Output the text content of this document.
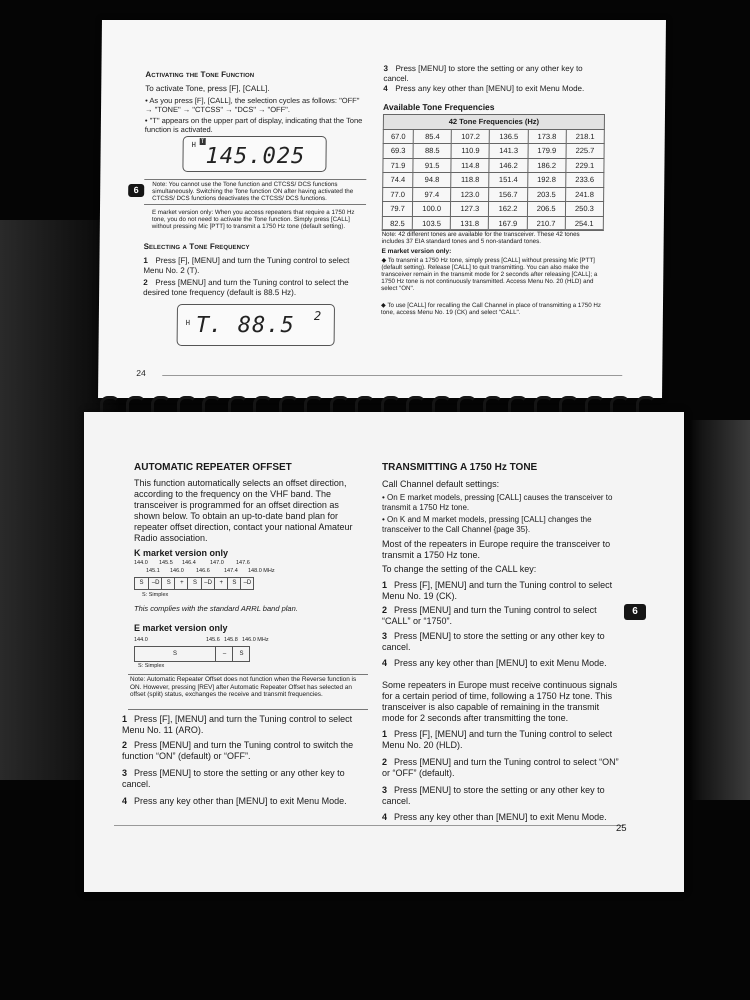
Activating the Tone Function
To activate Tone, press [F], [CALL].
• As you press [F], [CALL], the selection cycles as follows: "OFF" → "TONE" → "CTCSS" → "DCS" → "OFF".
• "T" appears on the upper part of display, indicating that the Tone function is activated.
H T
145.025
6
Note: You cannot use the Tone function and CTCSS/ DCS functions simultaneously. Switching the Tone function ON after having activated the CTCSS/ DCS functions deactivates the CTCSS/ DCS functions.
E market version only: When you access repeaters that require a 1750 Hz tone, you do not need to activate the Tone function. Simply press [CALL] without pressing Mic [PTT] to transmit a 1750 Hz tone (default setting).
Selecting a Tone Frequency
1 Press [F], [MENU] and turn the Tuning control to select Menu No. 2 (T).
2 Press [MENU] and turn the Tuning control to select the desired tone frequency (default is 88.5 Hz).
H T. 88.5 2
3 Press [MENU] to store the setting or any other key to cancel.
4 Press any key other than [MENU] to exit Menu Mode.
Available Tone Frequencies
42 Tone Frequencies (Hz)					
67.0	85.4	107.2	136.5	173.8	218.1
69.3	88.5	110.9	141.3	179.9	225.7
71.9	91.5	114.8	146.2	186.2	229.1
74.4	94.8	118.8	151.4	192.8	233.6
77.0	97.4	123.0	156.7	203.5	241.8
79.7	100.0	127.3	162.2	206.5	250.3
82.5	103.5	131.8	167.9	210.7	254.1
Note: 42 different tones are available for the transceiver. These 42 tones includes 37 EIA standard tones and 5 non-standard tones.
E market version only:
◆ To transmit a 1750 Hz tone, simply press [CALL] without pressing Mic [PTT] (default setting). Release [CALL] to quit transmitting. You can also make the transceiver remain in the transmit mode for 2 seconds after releasing [CALL]; a 1750 Hz tone is not continuously transmitted. Access Menu No. 20 (HLD) and select "ON".
◆ To use [CALL] for recalling the Call Channel in place of transmitting a 1750 Hz tone, access Menu No. 19 (CK) and select "CALL".
24
AUTOMATIC REPEATER OFFSET
This function automatically selects an offset direction, according to the frequency on the VHF band. The transceiver is programmed for an offset direction as shown below. To obtain an up-to-date band plan for repeater offset direction, contact your national Amateur Radio association.
K market version only
144.0 145.5 146.4	147.0 147.6
145.1 146.0 146.6	147.4 148.0 MHz
S	–D	S	+	S	–D	+	S	–D
S: Simplex
This complies with the standard ARRL band plan.
E market version only
144.0	145.6 145.8 146.0 MHz
S	–	S
S: Simplex
Note: Automatic Repeater Offset does not function when the Reverse function is ON. However, pressing [REV] after Automatic Repeater Offset has selected an offset (split) status, exchanges the receive and transmit frequencies.
1 Press [F], [MENU] and turn the Tuning control to select Menu No. 11 (ARO).
2 Press [MENU] and turn the Tuning control to switch the function “ON” (default) or “OFF”.
3 Press [MENU] to store the setting or any other key to cancel.
4 Press any key other than [MENU] to exit Menu Mode.
TRANSMITTING A 1750 Hz TONE
Call Channel default settings:
• On E market models, pressing [CALL] causes the transceiver to transmit a 1750 Hz tone.
• On K and M market models, pressing [CALL] changes the transceiver to the Call Channel {page 35}.
Most of the repeaters in Europe require the transceiver to transmit a 1750 Hz tone.
To change the setting of the CALL key:
1 Press [F], [MENU] and turn the Tuning control to select Menu No. 19 (CK).
2 Press [MENU] and turn the Tuning control to select “CALL” or “1750”.
6
3 Press [MENU] to store the setting or any other key to cancel.
4 Press any key other than [MENU] to exit Menu Mode.
Some repeaters in Europe must receive continuous signals for a certain period of time, following a 1750 Hz tone. This transceiver is also capable of remaining in the transmit mode for 2 seconds after transmitting the tone.
1 Press [F], [MENU] and turn the Tuning control to select Menu No. 20 (HLD).
2 Press [MENU] and turn the Tuning control to select “ON” or “OFF” (default).
3 Press [MENU] to store the setting or any other key to cancel.
4 Press any key other than [MENU] to exit Menu Mode.
25
